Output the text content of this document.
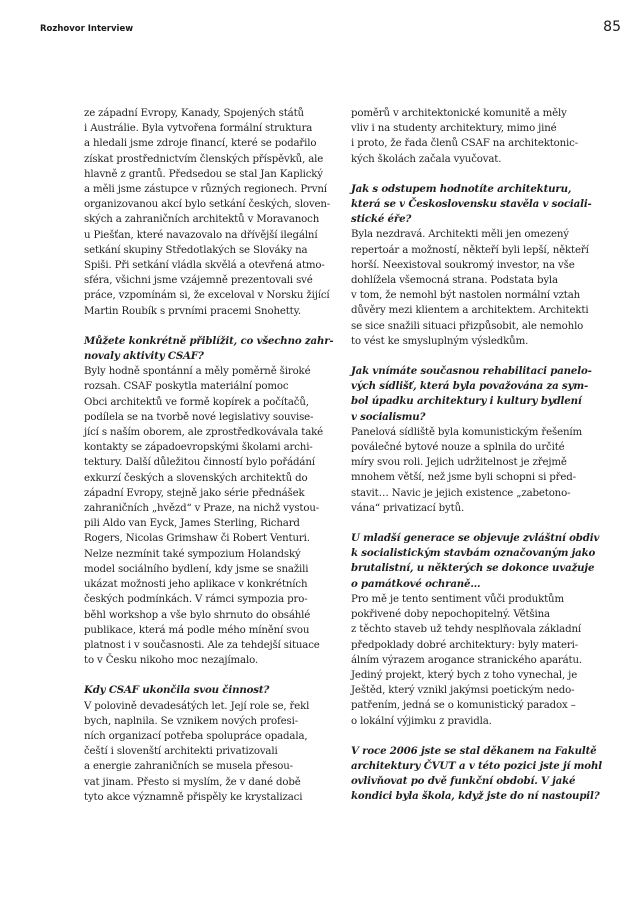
Rozhovor Interview	85

ze západní Evropy, Kanady, Spojených států
i Austrálie. Byla vytvořena formální struktura
a hledali jsme zdroje financí, které se podařilo
získat prostřednictvím členských příspěvků, ale
hlavně z grantů. Předsedou se stal Jan Kaplický
a měli jsme zástupce v různých regionech. První
organizovanou akcí bylo setkání českých, sloven-
ských a zahraničních architektů v Moravanoch
u Piešťan, které navazovalo na dřívější ilegální
setkání skupiny Středotlakých se Slováky na
Spiši. Při setkání vládla skvělá a otevřená atmo-
sféra, všichni jsme vzájemně prezentovali své
práce, vzpomínám si, že exceloval v Norsku žijící
Martin Roubík s prvními pracemi Snohetty.

Můžete konkrétně přiblížit, co všechno zahr-
novaly aktivity CSAF?

Byly hodně spontánní a měly poměrně široké
rozsah. CSAF poskytla materiální pomoc
Obci architektů ve formě kopírek a počítačů,
podílela se na tvorbě nové legislativy souvise-
jící s naším oborem, ale zprostředkovávala také
kontakty se západoevropskými školami archi-
tektury. Další důležitou činností bylo pořádání
exkurzí českých a slovenských architektů do
západní Evropy, stejně jako série přednášek
zahraničních „hvězd“ v Praze, na nichž vystou-
pili Aldo van Eyck, James Sterling, Richard
Rogers, Nicolas Grimshaw či Robert Venturi.
Nelze nezmínit také sympozium Holandský
model sociálního bydlení, kdy jsme se snažili
ukázat možnosti jeho aplikace v konkrétních
českých podmínkách. V rámci sympozia pro-
běhl workshop a vše bylo shrnuto do obsáhlé
publikace, která má podle mého mínění svou
platnost i v současnosti. Ale za tehdejší situace
to v Česku nikoho moc nezajímalo.

Kdy CSAF ukončila svou činnost?

V polovině devadesátých let. Její role se, řekl
bych, naplnila. Se vznikem nových profesi-
ních organizací potřeba spolupráce opadala,
čeští i slovenští architekti privatizovali
a energie zahraničních se musela přesou-
vat jinam. Přesto si myslím, že v dané době
tyto akce významně přispěly ke krystalizaci

poměrů v architektonické komunitě a měly
vliv i na studenty architektury, mimo jiné
i proto, že řada členů CSAF na architektonic-
kých školách začala vyučovat.

Jak s odstupem hodnotíte architekturu,
která se v Československu stavěla v sociali-
stické éře?

Byla nezdravá. Architekti měli jen omezený
repertoár a možností, někteří byli lepší, někteří
horší. Neexistoval soukromý investor, na vše
dohlížela všemocná strana. Podstata byla
v tom, že nemohl být nastolen normální vztah
důvěry mezi klientem a architektem. Architekti
se sice snažili situaci přizpůsobit, ale nemohlo
to vést ke smysluplným výsledkům.

Jak vnímáte současnou rehabilitaci panelo-
vých sídlišť, která byla považována za sym-
bol úpadku architektury i kultury bydlení
v socialismu?

Panelová sídliště byla komunistickým řešením
poválečné bytové nouze a splnila do určité
míry svou roli. Jejich udržitelnost je zřejmě
mnohem větší, než jsme byli schopni si před-
stavit… Navic je jejich existence „zabetono-
vána“ privatizací bytů.

U mladší generace se objevuje zvláštní obdiv
k socialistickým stavbám označovaným jako
brutalistní, u některých se dokonce uvažuje
o památkové ochraně…

Pro mě je tento sentiment vůči produktům
pokřivené doby nepochopitelný. Většina
z těchto staveb už tehdy nesplňovala základní
předpoklady dobré architektury: byly materi-
álním výrazem arogance stranického aparátu.
Jediný projekt, který bych z toho vynechal, je
Ještěd, který vznikl jakýmsi poetickým nedo-
patřením, jedná se o komunistický paradox –
o lokální výjimku z pravidla.

V roce 2006 jste se stal děkanem na Fakultě
architektury ČVUT a v této pozici jste jí mohl
ovlivňovat po dvě funkční období. V jaké
kondici byla škola, když jste do ní nastoupil?
